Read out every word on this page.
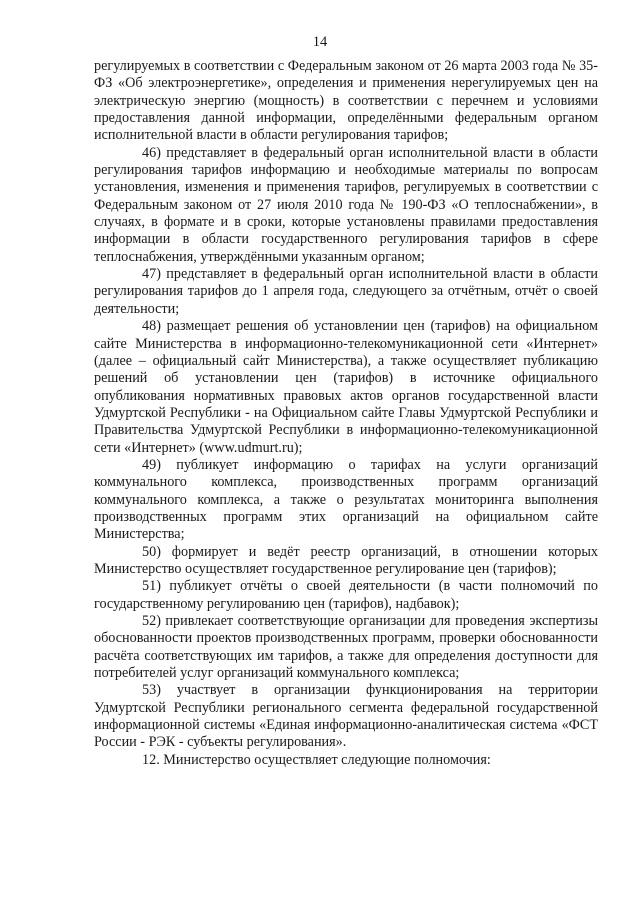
14

регулируемых в соответствии с Федеральным законом от 26 марта 2003 года № 35-ФЗ «Об электроэнергетике», определения и применения нерегулируемых цен на электрическую энергию (мощность) в соответствии с перечнем и условиями предоставления данной информации, определёнными федеральным органом исполнительной власти в области регулирования тарифов;

46) представляет в федеральный орган исполнительной власти в области регулирования тарифов информацию и необходимые материалы по вопросам установления, изменения и применения тарифов, регулируемых в соответствии с Федеральным законом от 27 июля 2010 года № 190-ФЗ «О теплоснабжении», в случаях, в формате и в сроки, которые установлены правилами предоставления информации в области государственного регулирования тарифов в сфере теплоснабжения, утверждёнными указанным органом;

47) представляет в федеральный орган исполнительной власти в области регулирования тарифов до 1 апреля года, следующего за отчётным, отчёт о своей деятельности;

48) размещает решения об установлении цен (тарифов) на официальном сайте Министерства в информационно-телекомуникационной сети «Интернет» (далее – официальный сайт Министерства), а также осуществляет публикацию решений об установлении цен (тарифов) в источнике официального опубликования нормативных правовых актов органов государственной власти Удмуртской Республики - на Официальном сайте Главы Удмуртской Республики и Правительства Удмуртской Республики в информационно-телекомуникационной сети «Интернет» (www.udmurt.ru);

49) публикует информацию о тарифах на услуги организаций коммунального комплекса, производственных программ организаций коммунального комплекса, а также о результатах мониторинга выполнения производственных программ этих организаций на официальном сайте Министерства;

50) формирует и ведёт реестр организаций, в отношении которых Министерство осуществляет государственное регулирование цен (тарифов);

51) публикует отчёты о своей деятельности (в части полномочий по государственному регулированию цен (тарифов), надбавок);

52) привлекает соответствующие организации для проведения экспертизы обоснованности проектов производственных программ, проверки обоснованности расчёта соответствующих им тарифов, а также для определения доступности для потребителей услуг организаций коммунального комплекса;

53) участвует в организации функционирования на территории Удмуртской Республики регионального сегмента федеральной государственной информационной системы «Единая информационно-аналитическая система «ФСТ России - РЭК - субъекты регулирования».

12. Министерство осуществляет следующие полномочия:
